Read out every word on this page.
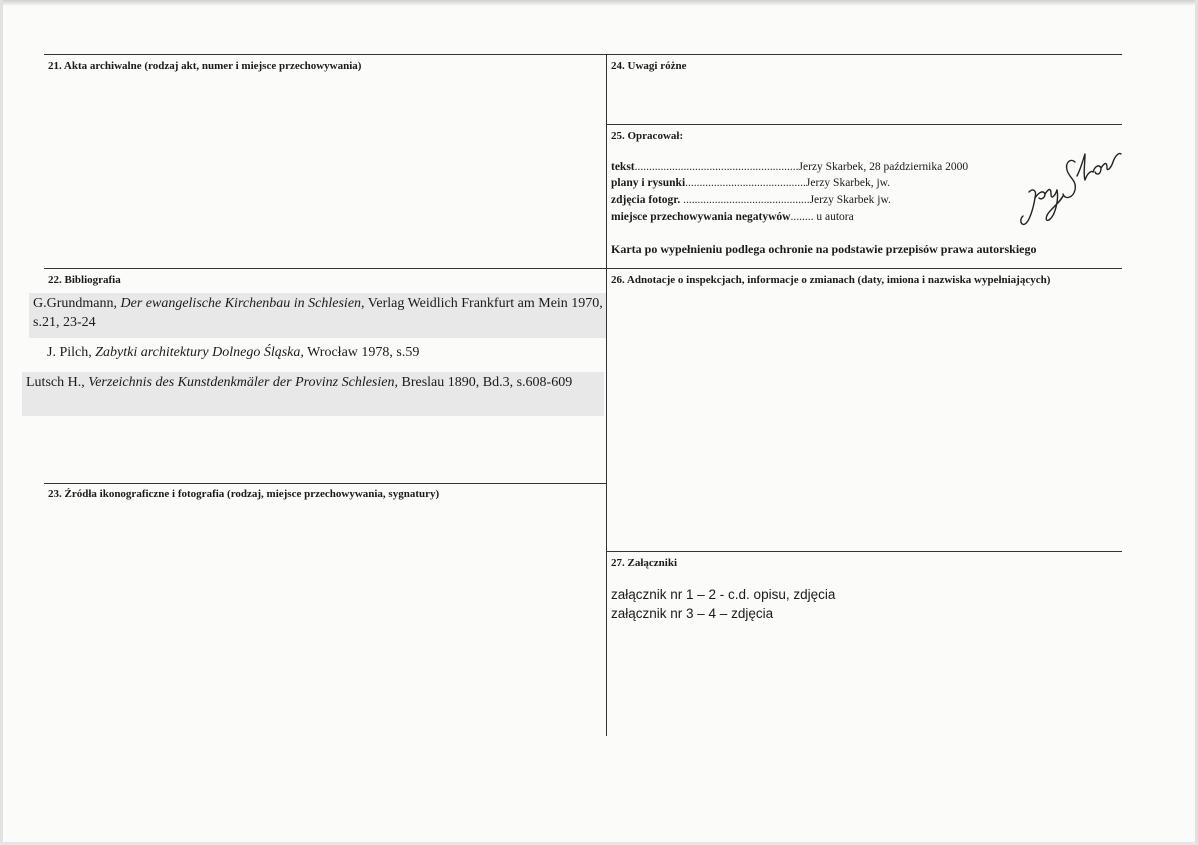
21. Akta archiwalne (rodzaj akt, numer i miejsce przechowywania)	24. Uwagi różne
25. Opracował:
tekst.........................................................Jerzy Skarbek, 28 października 2000
plany i rysunki..........................................Jerzy Skarbek, jw.
zdjęcia fotogr. ............................................Jerzy Skarbek jw.
miejsce przechowywania negatywów........ u autora
Karta po wypełnieniu podlega ochronie na podstawie przepisów prawa autorskiego
22. Bibliografia
G.Grundmann, Der ewangelische Kirchenbau in Schlesien, Verlag Weidlich Frankfurt am Mein 1970, s.21, 23-24
J. Pilch, Zabytki architektury Dolnego Śląska, Wrocław 1978, s.59
Lutsch H., Verzeichnis des Kunstdenkmäler der Provinz Schlesien, Breslau 1890, Bd.3, s.608-609
26. Adnotacje o inspekcjach, informacje o zmianach (daty, imiona i nazwiska wypełniających)
23. Źródła ikonograficzne i fotografia (rodzaj, miejsce przechowywania, sygnatury)
27. Załączniki
załącznik nr 1 – 2 - c.d. opisu, zdjęcia
załącznik nr 3 – 4 – zdjęcia
